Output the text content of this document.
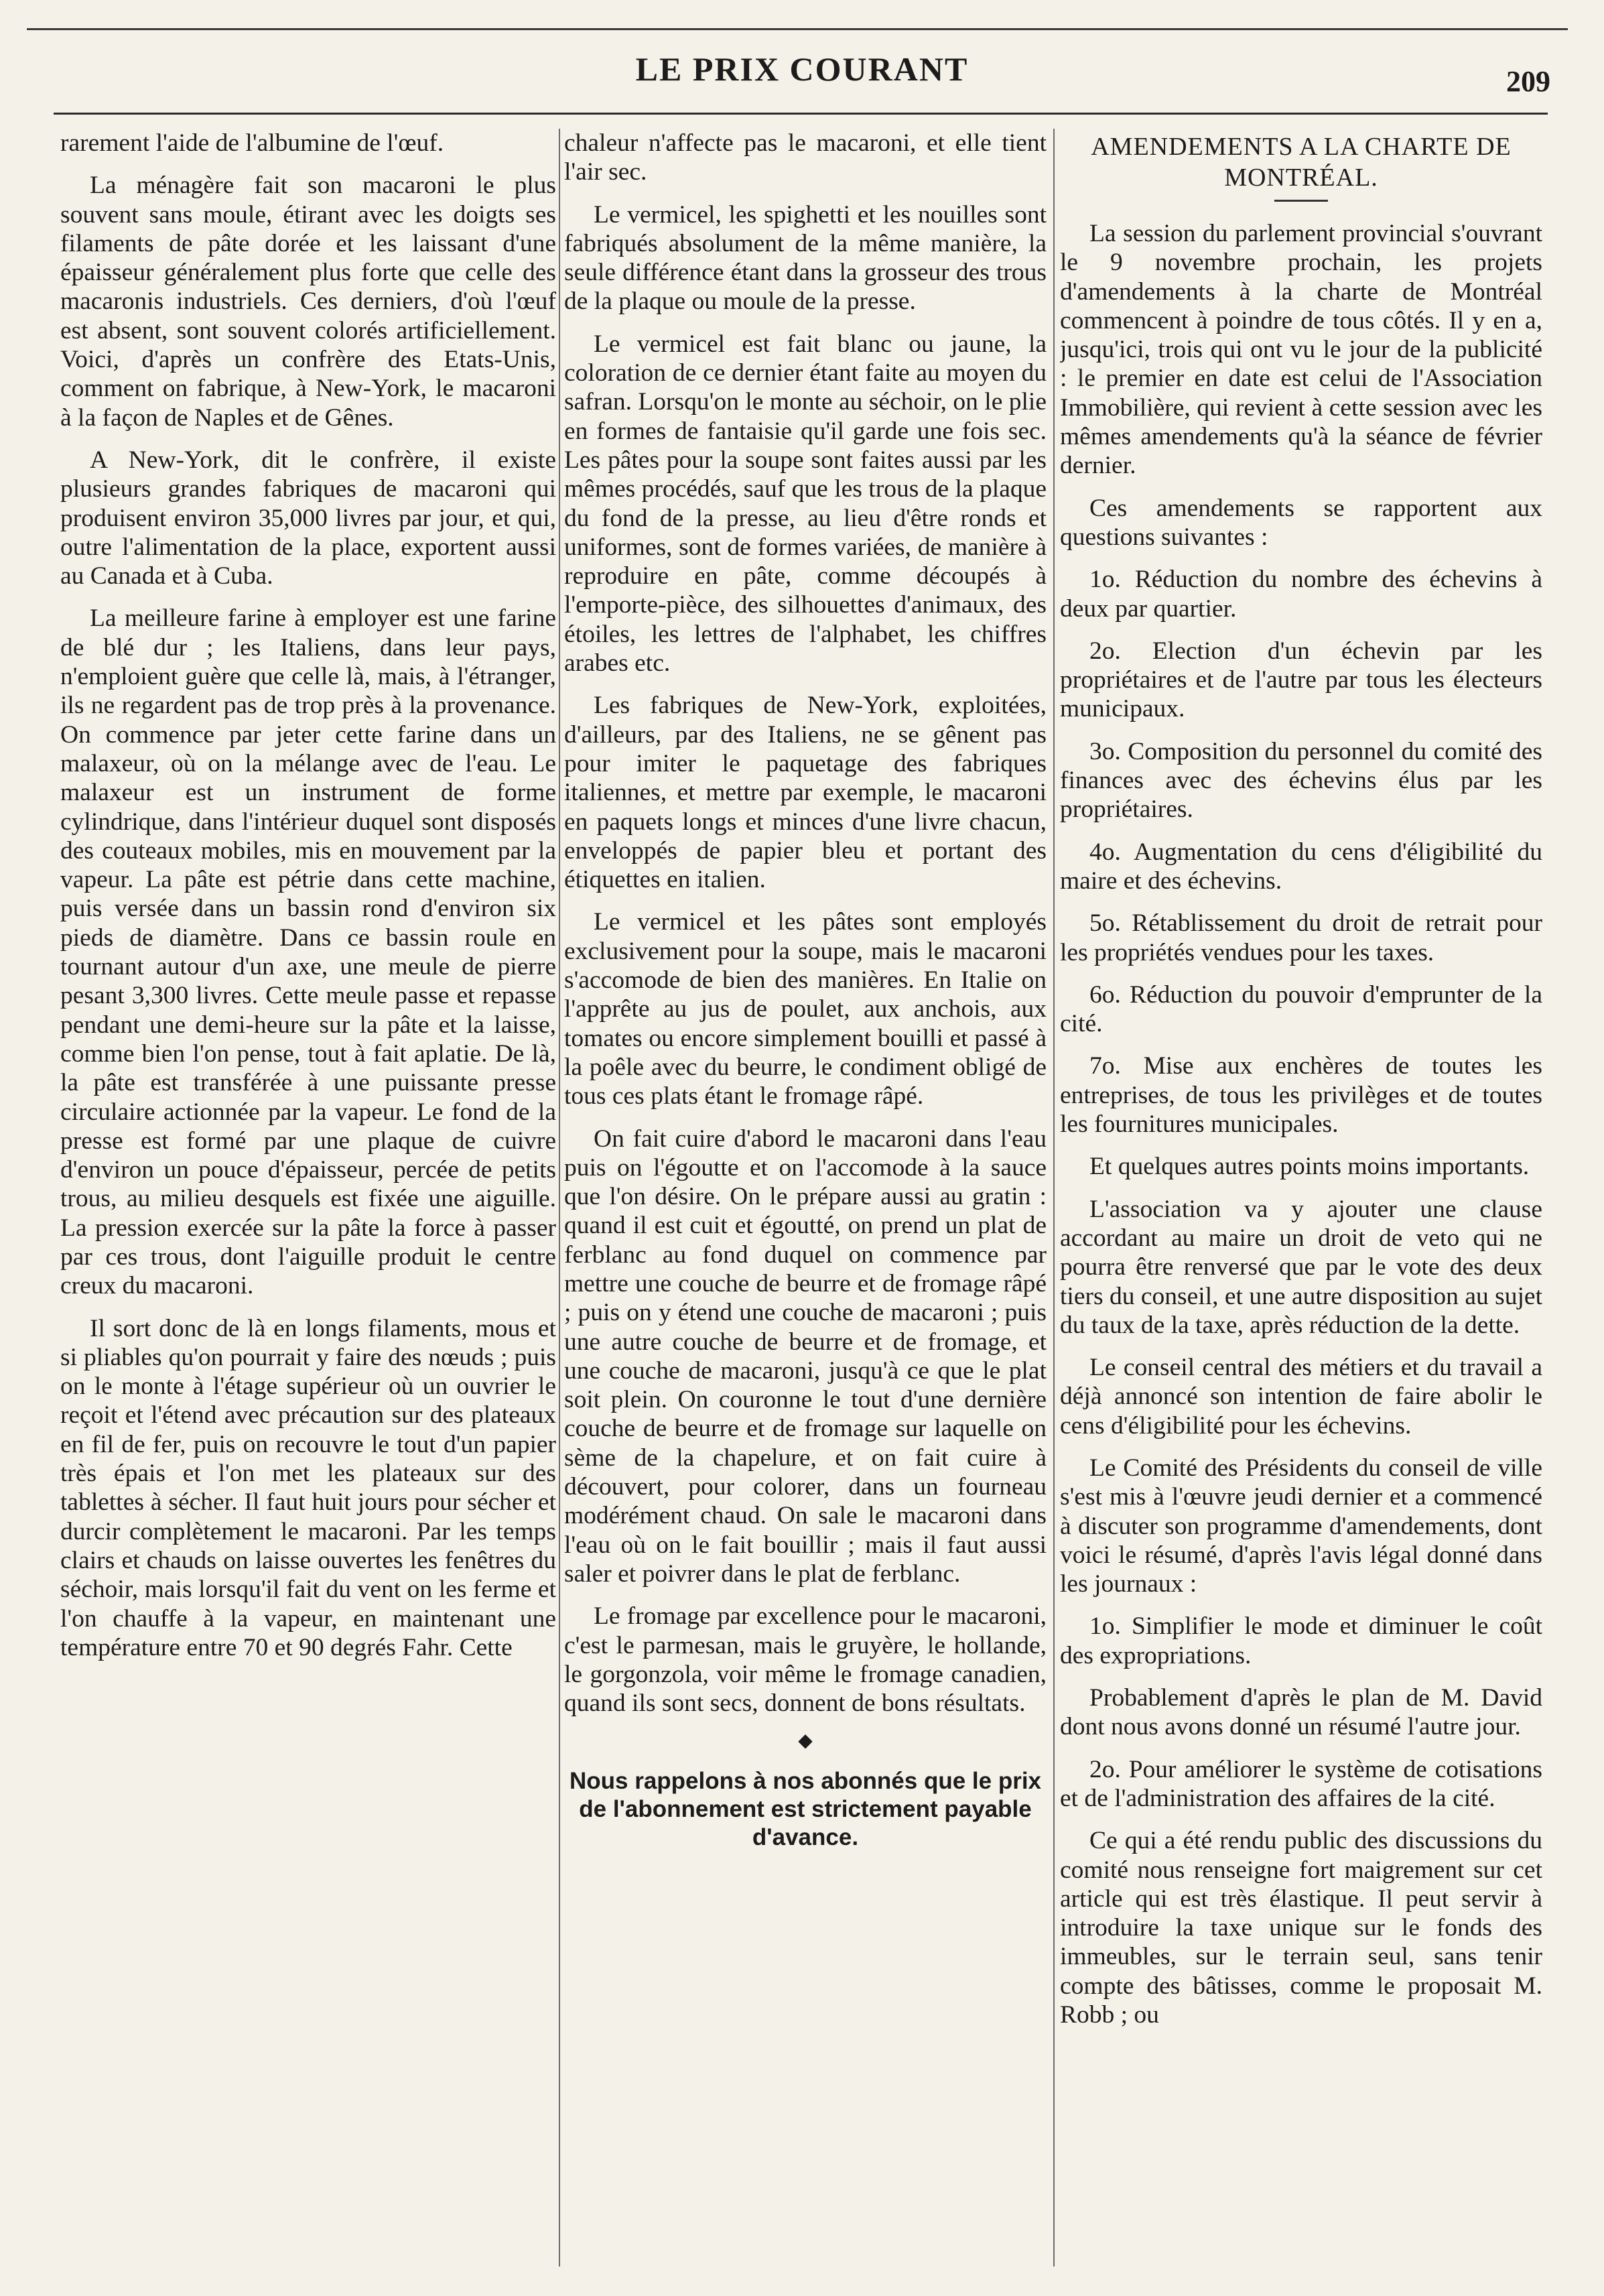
LE PRIX COURANT	209

rarement l'aide de l'albumine de l'œuf.

La ménagère fait son macaroni le plus souvent sans moule, étirant avec les doigts ses filaments de pâte dorée et les laissant d'une épaisseur généralement plus forte que celle des macaronis industriels. Ces derniers, d'où l'œuf est absent, sont souvent colorés artificiellement. Voici, d'après un confrère des Etats-Unis, comment on fabrique, à New-York, le macaroni à la façon de Naples et de Gênes.

A New-York, dit le confrère, il existe plusieurs grandes fabriques de macaroni qui produisent environ 35,000 livres par jour, et qui, outre l'alimentation de la place, exportent aussi au Canada et à Cuba.

La meilleure farine à employer est une farine de blé dur ; les Italiens, dans leur pays, n'emploient guère que celle là, mais, à l'étranger, ils ne regardent pas de trop près à la provenance. On commence par jeter cette farine dans un malaxeur, où on la mélange avec de l'eau. Le malaxeur est un instrument de forme cylindrique, dans l'intérieur duquel sont disposés des couteaux mobiles, mis en mouvement par la vapeur. La pâte est pétrie dans cette machine, puis versée dans un bassin rond d'environ six pieds de diamètre. Dans ce bassin roule en tournant autour d'un axe, une meule de pierre pesant 3,300 livres. Cette meule passe et repasse pendant une demi-heure sur la pâte et la laisse, comme bien l'on pense, tout à fait aplatie. De là, la pâte est transférée à une puissante presse circulaire actionnée par la vapeur. Le fond de la presse est formé par une plaque de cuivre d'environ un pouce d'épaisseur, percée de petits trous, au milieu desquels est fixée une aiguille. La pression exercée sur la pâte la force à passer par ces trous, dont l'aiguille produit le centre creux du macaroni.

Il sort donc de là en longs filaments, mous et si pliables qu'on pourrait y faire des nœuds ; puis on le monte à l'étage supérieur où un ouvrier le reçoit et l'étend avec précaution sur des plateaux en fil de fer, puis on recouvre le tout d'un papier très épais et l'on met les plateaux sur des tablettes à sécher. Il faut huit jours pour sécher et durcir complètement le macaroni. Par les temps clairs et chauds on laisse ouvertes les fenêtres du séchoir, mais lorsqu'il fait du vent on les ferme et l'on chauffe à la vapeur, en maintenant une température entre 70 et 90 degrés Fahr. Cette

chaleur n'affecte pas le macaroni, et elle tient l'air sec.

Le vermicel, les spighetti et les nouilles sont fabriqués absolument de la même manière, la seule différence étant dans la grosseur des trous de la plaque ou moule de la presse.

Le vermicel est fait blanc ou jaune, la coloration de ce dernier étant faite au moyen du safran. Lorsqu'on le monte au séchoir, on le plie en formes de fantaisie qu'il garde une fois sec. Les pâtes pour la soupe sont faites aussi par les mêmes procédés, sauf que les trous de la plaque du fond de la presse, au lieu d'être ronds et uniformes, sont de formes variées, de manière à reproduire en pâte, comme découpés à l'emporte-pièce, des silhouettes d'animaux, des étoiles, les lettres de l'alphabet, les chiffres arabes etc.

Les fabriques de New-York, exploitées, d'ailleurs, par des Italiens, ne se gênent pas pour imiter le paquetage des fabriques italiennes, et mettre par exemple, le macaroni en paquets longs et minces d'une livre chacun, enveloppés de papier bleu et portant des étiquettes en italien.

Le vermicel et les pâtes sont employés exclusivement pour la soupe, mais le macaroni s'accomode de bien des manières. En Italie on l'apprête au jus de poulet, aux anchois, aux tomates ou encore simplement bouilli et passé à la poêle avec du beurre, le condiment obligé de tous ces plats étant le fromage râpé.

On fait cuire d'abord le macaroni dans l'eau puis on l'égoutte et on l'accomode à la sauce que l'on désire. On le prépare aussi au gratin : quand il est cuit et égoutté, on prend un plat de ferblanc au fond duquel on commence par mettre une couche de beurre et de fromage râpé ; puis on y étend une couche de macaroni ; puis une autre couche de beurre et de fromage, et une couche de macaroni, jusqu'à ce que le plat soit plein. On couronne le tout d'une dernière couche de beurre et de fromage sur laquelle on sème de la chapelure, et on fait cuire à découvert, pour colorer, dans un fourneau modérément chaud. On sale le macaroni dans l'eau où on le fait bouillir ; mais il faut aussi saler et poivrer dans le plat de ferblanc.

Le fromage par excellence pour le macaroni, c'est le parmesan, mais le gruyère, le hollande, le gorgonzola, voir même le fromage canadien, quand ils sont secs, donnent de bons résultats.

◆
Nous rappelons à nos abonnés que le prix de l'abonnement est strictement payable d'avance.
AMENDEMENTS A LA CHARTE DE MONTRÉAL.

La session du parlement provincial s'ouvrant le 9 novembre prochain, les projets d'amendements à la charte de Montréal commencent à poindre de tous côtés. Il y en a, jusqu'ici, trois qui ont vu le jour de la publicité : le premier en date est celui de l'Association Immobilière, qui revient à cette session avec les mêmes amendements qu'à la séance de février dernier.

Ces amendements se rapportent aux questions suivantes :

1o. Réduction du nombre des échevins à deux par quartier.

2o. Election d'un échevin par les propriétaires et de l'autre par tous les électeurs municipaux.

3o. Composition du personnel du comité des finances avec des échevins élus par les propriétaires.

4o. Augmentation du cens d'éligibilité du maire et des échevins.

5o. Rétablissement du droit de retrait pour les propriétés vendues pour les taxes.

6o. Réduction du pouvoir d'emprunter de la cité.

7o. Mise aux enchères de toutes les entreprises, de tous les privilèges et de toutes les fournitures municipales.

Et quelques autres points moins importants.

L'association va y ajouter une clause accordant au maire un droit de veto qui ne pourra être renversé que par le vote des deux tiers du conseil, et une autre disposition au sujet du taux de la taxe, après réduction de la dette.

Le conseil central des métiers et du travail a déjà annoncé son intention de faire abolir le cens d'éligibilité pour les échevins.

Le Comité des Présidents du conseil de ville s'est mis à l'œuvre jeudi dernier et a commencé à discuter son programme d'amendements, dont voici le résumé, d'après l'avis légal donné dans les journaux :

1o. Simplifier le mode et diminuer le coût des expropriations.

Probablement d'après le plan de M. David dont nous avons donné un résumé l'autre jour.

2o. Pour améliorer le système de cotisations et de l'administration des affaires de la cité.

Ce qui a été rendu public des discussions du comité nous renseigne fort maigrement sur cet article qui est très élastique. Il peut servir à introduire la taxe unique sur le fonds des immeubles, sur le terrain seul, sans tenir compte des bâtisses, comme le proposait M. Robb ; ou
